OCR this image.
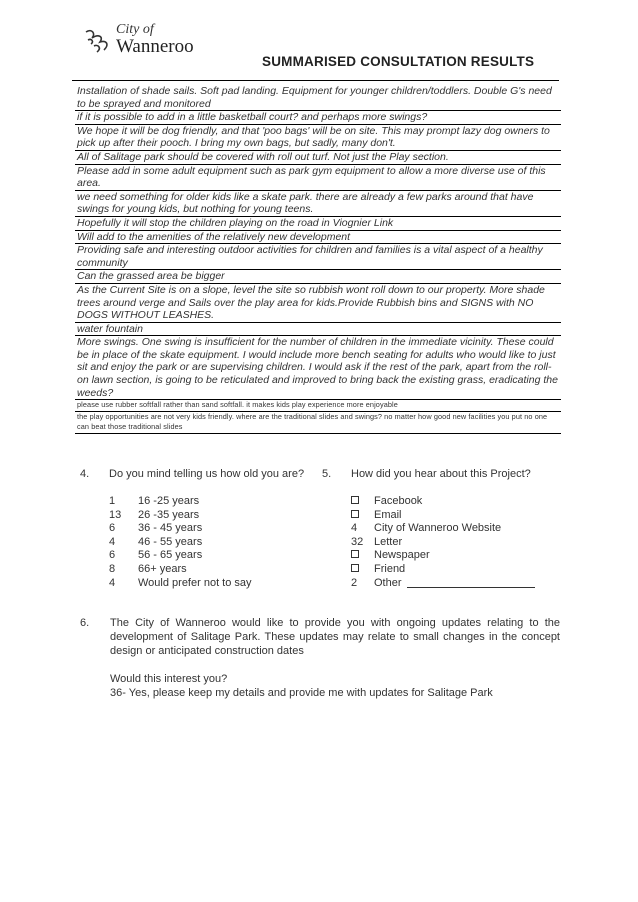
City of
Wanneroo
SUMMARISED CONSULTATION RESULTS
Installation of shade sails. Soft pad landing. Equipment for younger children/toddlers. Double G's need to be sprayed and monitored
if it is possible to add in a little basketball court? and perhaps more swings?
We hope it will be dog friendly, and that 'poo bags' will be on site. This may prompt lazy dog owners to pick up after their pooch. I bring my own bags, but sadly, many don't.
All of Salitage park should be covered with roll out turf. Not just the Play section.
Please add in some adult equipment such as park gym equipment to allow a more diverse use of this area.
we need something for older kids like a skate park. there are already a few parks around that have swings for young kids, but nothing for young teens.
Hopefully it will stop the children playing on the road in Viognier Link
Will add to the amenities of the relatively new development
Providing safe and interesting outdoor activities for children and families is a vital aspect of a healthy community
Can the grassed area be bigger
As the Current Site is on a slope, level the site so rubbish wont roll down to our property. More shade trees around verge and Sails over the play area for kids.Provide Rubbish bins and SIGNS with NO DOGS WITHOUT LEASHES.
water fountain
More swings. One swing is insufficient for the number of children in the immediate vicinity. These could be in place of the skate equipment. I would include more bench seating for adults who would like to just sit and enjoy the park or are supervising children. I would ask if the rest of the park, apart from the roll-on lawn section, is going to be reticulated and improved to bring back the existing grass, eradicating the weeds?
please use rubber softfall rather than sand softfall. it makes kids play experience more enjoyable
the play opportunities are not very kids friendly. where are the traditional slides and swings? no matter how good new facilities you put no one can beat those traditional slides
4. Do you mind telling us how old you are?
1 16 -25 years
13 26 -35 years
6 36 - 45 years
4 46 - 55 years
6 56 - 65 years
8 66+ years
4 Would prefer not to say
5. How did you hear about this Project?
Facebook
Email
4 City of Wanneroo Website
32 Letter
Newspaper
Friend
2 Other
6. The City of Wanneroo would like to provide you with ongoing updates relating to the development of Salitage Park. These updates may relate to small changes in the concept design or anticipated construction dates
Would this interest you?
36- Yes, please keep my details and provide me with updates for Salitage Park
